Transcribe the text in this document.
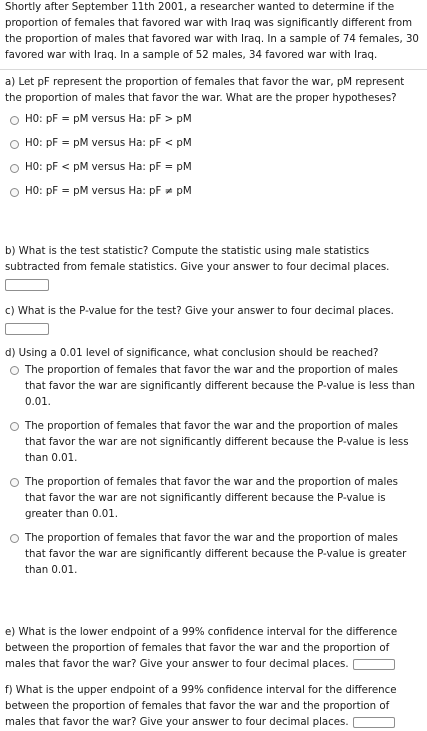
Shortly after September 11th 2001, a researcher wanted to determine if the proportion of females that favored war with Iraq was significantly different from the proportion of males that favored war with Iraq. In a sample of 74 females, 30 favored war with Iraq. In a sample of 52 males, 34 favored war with Iraq.

a) Let pF represent the proportion of females that favor the war, pM represent the proportion of males that favor the war. What are the proper hypotheses?

H0: pF = pM versus Ha: pF > pM
H0: pF = pM versus Ha: pF < pM
H0: pF < pM versus Ha: pF = pM
H0: pF = pM versus Ha: pF ≠ pM

b) What is the test statistic? Compute the statistic using male statistics subtracted from female statistics. Give your answer to four decimal places.

c) What is the P-value for the test? Give your answer to four decimal places.

d) Using a 0.01 level of significance, what conclusion should be reached?

The proportion of females that favor the war and the proportion of males that favor the war are significantly different because the P-value is less than 0.01.
The proportion of females that favor the war and the proportion of males that favor the war are not significantly different because the P-value is less than 0.01.
The proportion of females that favor the war and the proportion of males that favor the war are not significantly different because the P-value is greater than 0.01.
The proportion of females that favor the war and the proportion of males that favor the war are significantly different because the P-value is greater than 0.01.

e) What is the lower endpoint of a 99% confidence interval for the difference between the proportion of females that favor the war and the proportion of males that favor the war? Give your answer to four decimal places.

f) What is the upper endpoint of a 99% confidence interval for the difference between the proportion of females that favor the war and the proportion of males that favor the war? Give your answer to four decimal places.
